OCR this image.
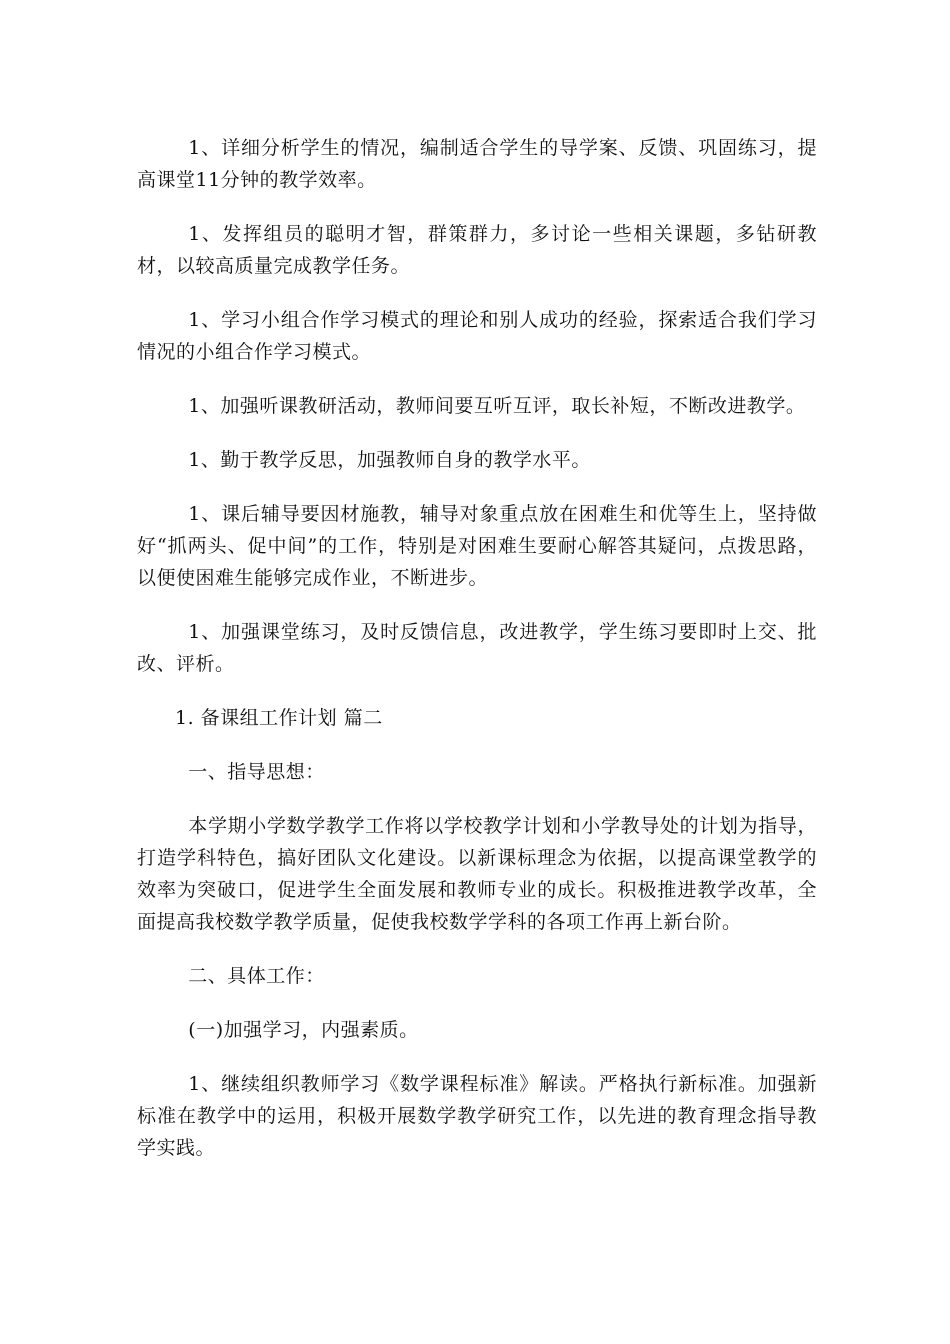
1、详细分析学生的情况，编制适合学生的导学案、反馈、巩固练习，提高课堂11分钟的教学效率。

1、发挥组员的聪明才智，群策群力，多讨论一些相关课题，多钻研教材，以较高质量完成教学任务。

1、学习小组合作学习模式的理论和别人成功的经验，探索适合我们学习情况的小组合作学习模式。

1、加强听课教研活动，教师间要互听互评，取长补短，不断改进教学。

1、勤于教学反思，加强教师自身的教学水平。

1、课后辅导要因材施教，辅导对象重点放在困难生和优等生上，坚持做好“抓两头、促中间”的工作，特别是对困难生要耐心解答其疑问，点拨思路，以便使困难生能够完成作业，不断进步。

1、加强课堂练习，及时反馈信息，改进教学，学生练习要即时上交、批改、评析。

1. 备课组工作计划 篇二

一、指导思想：

本学期小学数学教学工作将以学校教学计划和小学教导处的计划为指导，打造学科特色，搞好团队文化建设。以新课标理念为依据，以提高课堂教学的效率为突破口，促进学生全面发展和教师专业的成长。积极推进教学改革，全面提高我校数学教学质量，促使我校数学学科的各项工作再上新台阶。

二、具体工作：

(一)加强学习，内强素质。

1、继续组织教师学习《数学课程标准》解读。严格执行新标准。加强新标准在教学中的运用，积极开展数学教学研究工作，以先进的教育理念指导教学实践。
